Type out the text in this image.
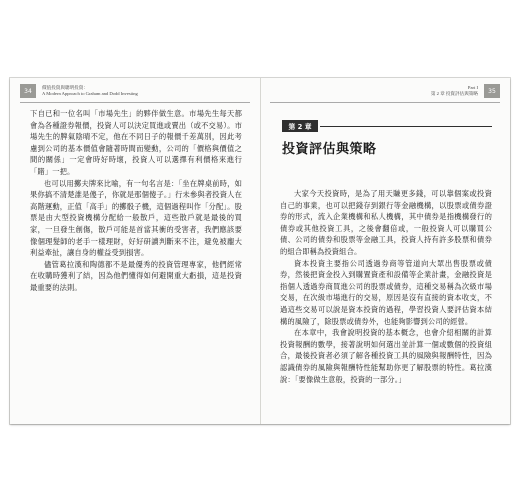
34	價值投資與聰明投資：
A Modern Approach to Graham and Dodd Investing

下自已和一位名叫「市場先生」的夥伴做生意。市場先生每天都會為各種證券報價，投資人可以決定買進或賣出（或不交易）。市場先生的脾氣陰晴不定，他在不同日子的報價千差萬別，因此考慮到公司的基本價值會隨著時間而變動，公司的「價格與價值之間的關係」一定會時好時壞，投資人可以選擇有利價格來進行「賭」一把。

也可以用擲夫牌來比喻，有一句名言是：「坐在牌桌前時，如果你搞不清楚誰是傻子，你就是那個傻子。」行未參與者投資人在高階運動，正值「高手」的擲骰子機，這個過程叫作「分配」。股票是由大型投資機構分配給一般散戶，這些散戶就是最後的買家，一旦發生創傷，散戶可能是首當其衝的受害者，我們應該要像個理髮師的老手一樣理財，好好研讀判斷來不注，避免被龐大利益牽扯，讓自身的權益受到損害。

儘管葛拉漢和陶德都不是最優秀的投資管理專家，他們經常在收購時獲利了結，因為他們懂得如何避開重大虧損，這是投資最重要的法則。

Part I
第 2 章 投資評估與策略	35
第 2 章
投資評估與策略

大家今天投資時，是為了用天賺更多錢，可以靠個案或投資自己的事業，也可以把錢存到銀行等金融機構，以股票或債券證券的形式，流入企業機構和私人機構，其中債券是指機構發行的債券或其他投資工具，之後會翻倍或，一般投資人可以購買公債、公司的債券和股票等金融工具，投資人持有許多股票和債券的組合即稱為投資組合。

資本投資主要指公司透過券商等管道向大眾出售股票或債券，然後把資金投入到購置資產和設備等企業計畫，金融投資是指個人透過券商買進公司的股票或債券，這種交易稱為次級市場交易，在次級市場進行的交易，原因是沒有直接的資本收支，不過這些交易可以說是資本投資的過程，學習投資人要評估資本結構的風險了，除股票或債券外，也能夠影響到公司的經營。

在本章中，我會說明投資的基本概念，也會介紹相關的計算投資報酬的數學，接著說明如何選出並計算一個或數個的投資組合，最後投資者必須了解各種投資工具的風險與報酬特性，因為認識債券的風險與報酬特性能幫助你更了解股票的特性。葛拉漢說：「要像做生意般，投資的一部分。」
